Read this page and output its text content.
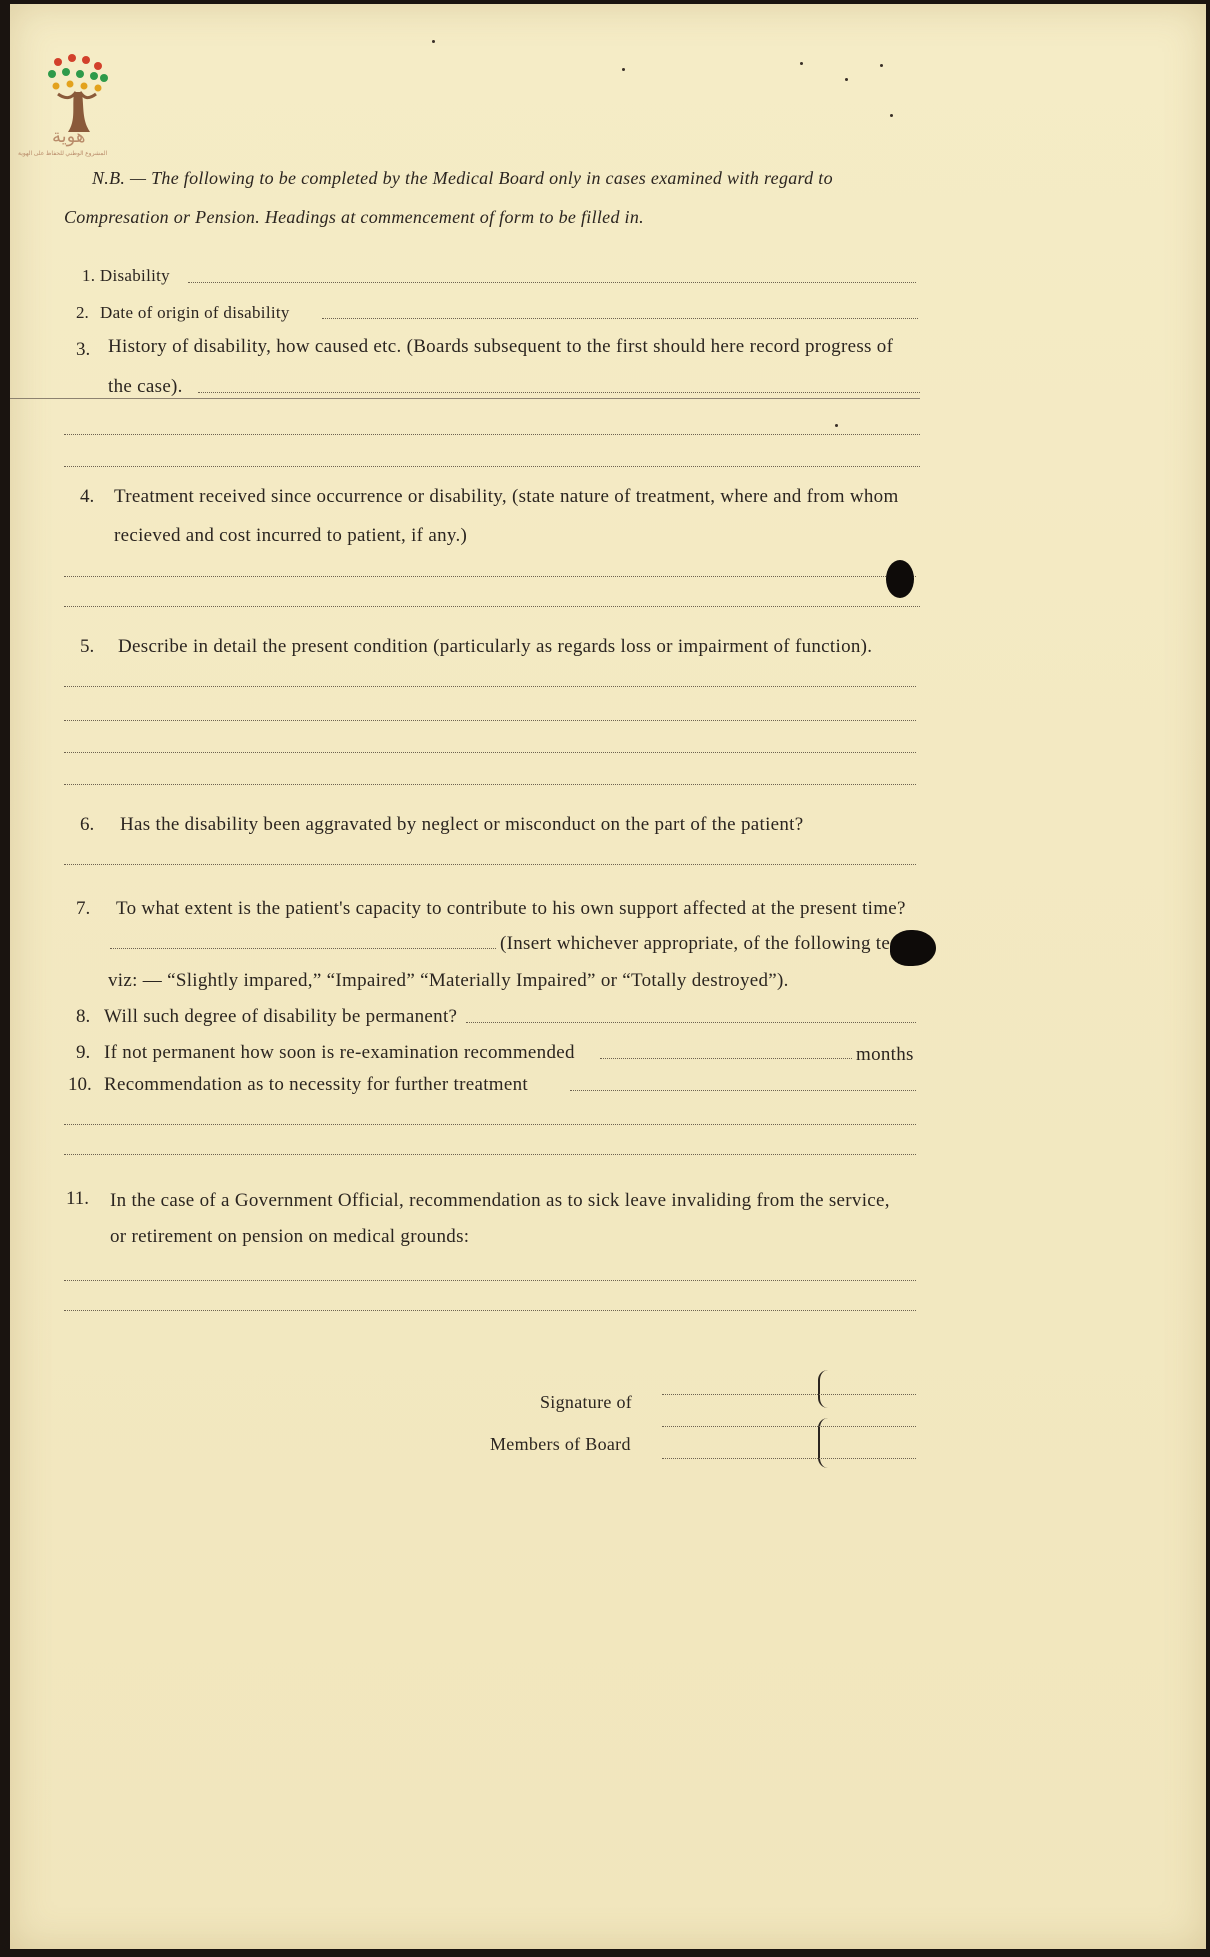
هوية
المشروع الوطني للحفاظ على الهوية
N.B. — The following to be completed by the Medical Board only in cases examined with regard to
Compresation or Pension. Headings at commencement of form to be filled in.
1. Disability
2. Date of origin of disability
3. History of disability, how caused etc. (Boards subsequent to the first should here record progress of
the case).
4. Treatment received since occurrence or disability, (state nature of treatment, where and from whom
recieved and cost incurred to patient, if any.)
5. Describe in detail the present condition (particularly as regards loss or impairment of function).
6. Has the disability been aggravated by neglect or misconduct on the part of the patient?
7. To what extent is the patient's capacity to contribute to his own support affected at the present time?
(Insert whichever appropriate, of the following te
viz: — “Slightly impared,” “Impaired” “Materially Impaired” or “Totally destroyed”).
8. Will such degree of disability be permanent?
9. If not permanent how soon is re-examination recommended	months
10. Recommendation as to necessity for further treatment
11. In the case of a Government Official, recommendation as to sick leave invaliding from the service,
or retirement on pension on medical grounds:
Signature of
Members of Board
